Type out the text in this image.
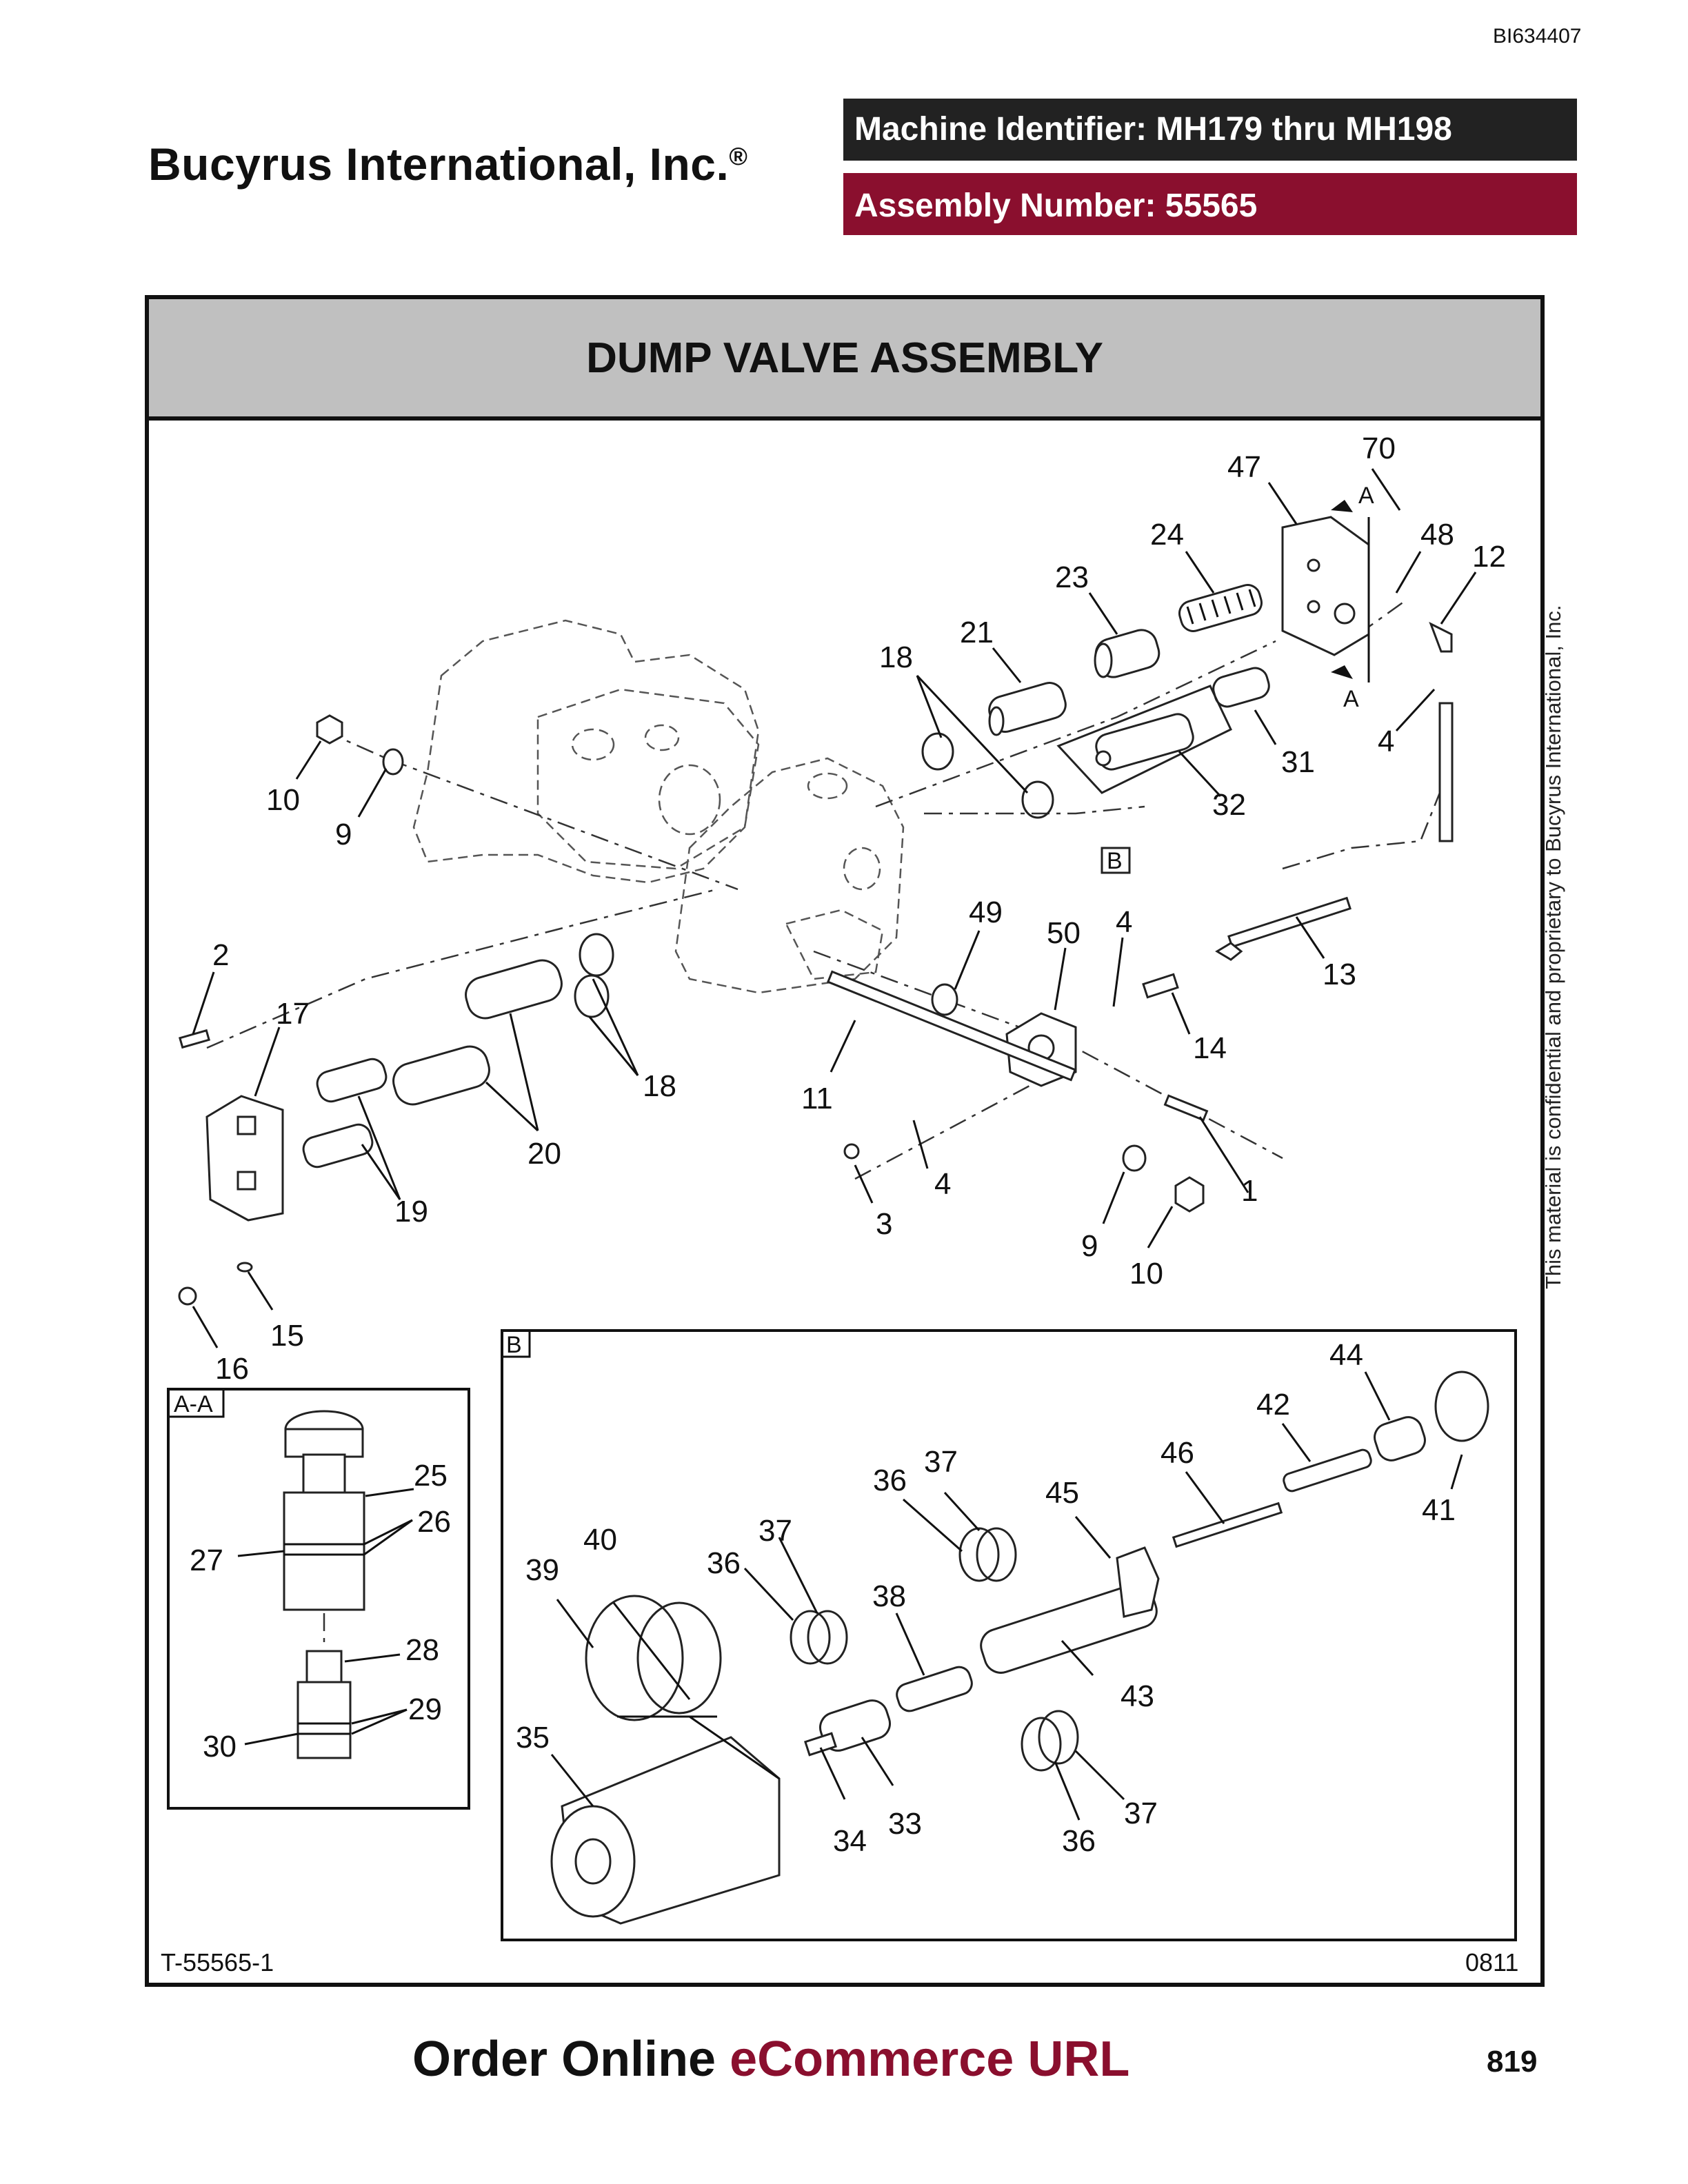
BI634407
Bucyrus International, Inc.®
Machine Identifier: MH179 thru MH198
Assembly Number: 55565
DUMP VALVE ASSEMBLY
This material is confidential and proprietary to Bucyrus International, Inc.
B
A
A
A-A
B
70
47
48
12
24
23
21
18
31
32
4
10
9
49
50 4
13
14
2
17
18
20
11
19
4
3
9
10
1
15
16
25
26
27
28
29
30
44
42
46
41
37
36	45
40
39
37
36
38
43
35
34
33	37
36
T-55565-1	0811
Order Online eCommerce URL	819
